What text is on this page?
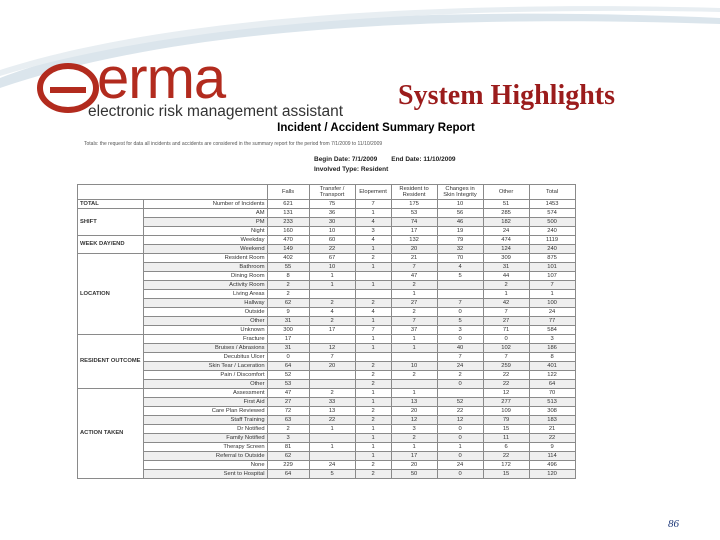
erma
electronic risk management assistant
System Highlights
Incident / Accident Summary Report
Totals: the request for data all incidents and accidents are considered in the summary report for the period from 7/1/2009 to 11/10/2009
Begin Date: 7/1/2009 End Date: 11/10/2009
Involved Type: Resident
		Falls	Transfer / Transport	Elopement	Resident to Resident	Changes in Skin Integrity	Other	Total
TOTAL	Number of Incidents	621	75	7	175	10	51	1453
SHIFT	AM	131	36	1	53	56	285	574
	PM	233	30	4	74	46	182	500
	Night	160	10	3	17	19	24	240
WEEK DAY/END	Weekday	470	60	4	132	79	474	1119
	Weekend	149	22	1	20	32	124	240
LOCATION	Resident Room	402	67	2	21	70	309	875
	Bathroom	55	10	1	7	4	31	101
	Dining Room	8	1		47	5	44	107
	Activity Room	2	1	1	2		2	7
	Living Areas	2			1		1	1
	Hallway	62	2	2	27	7	42	100
	Outside	9	4	4	2	0	7	24
	Other	31	2	1	7	5	27	77
	Unknown	300	17	7	37	3	71	584
RESIDENT OUTCOME	Fracture	17		1	1	0	0	3
	Bruises / Abrasions	31	12	1	1	40	102	186
	Decubitus Ulcer	0	7			7	7	8
	Skin Tear / Laceration	64	20	2	10	24	259	401
	Pain / Discomfort	52		2	2	2	22	122
	Other	53		2		0	22	64
ACTION TAKEN	Assessment	47	2	1	1		12	70
	First Aid	27	33	1	13	52	277	513
	Care Plan Reviewed	72	13	2	20	22	109	308
	Staff Training	63	22	2	12	12	79	183
	Dr Notified	2	1	1	3	0	15	21
	Family Notified	3		1	2	0	11	22
	Therapy Screen	81	1	1	1	1	6	9
	Referral to Outside	62		1	17	0	22	114
	None	229	24	2	20	24	172	496
	Sent to Hospital	64	5	2	50	0	15	120
86
